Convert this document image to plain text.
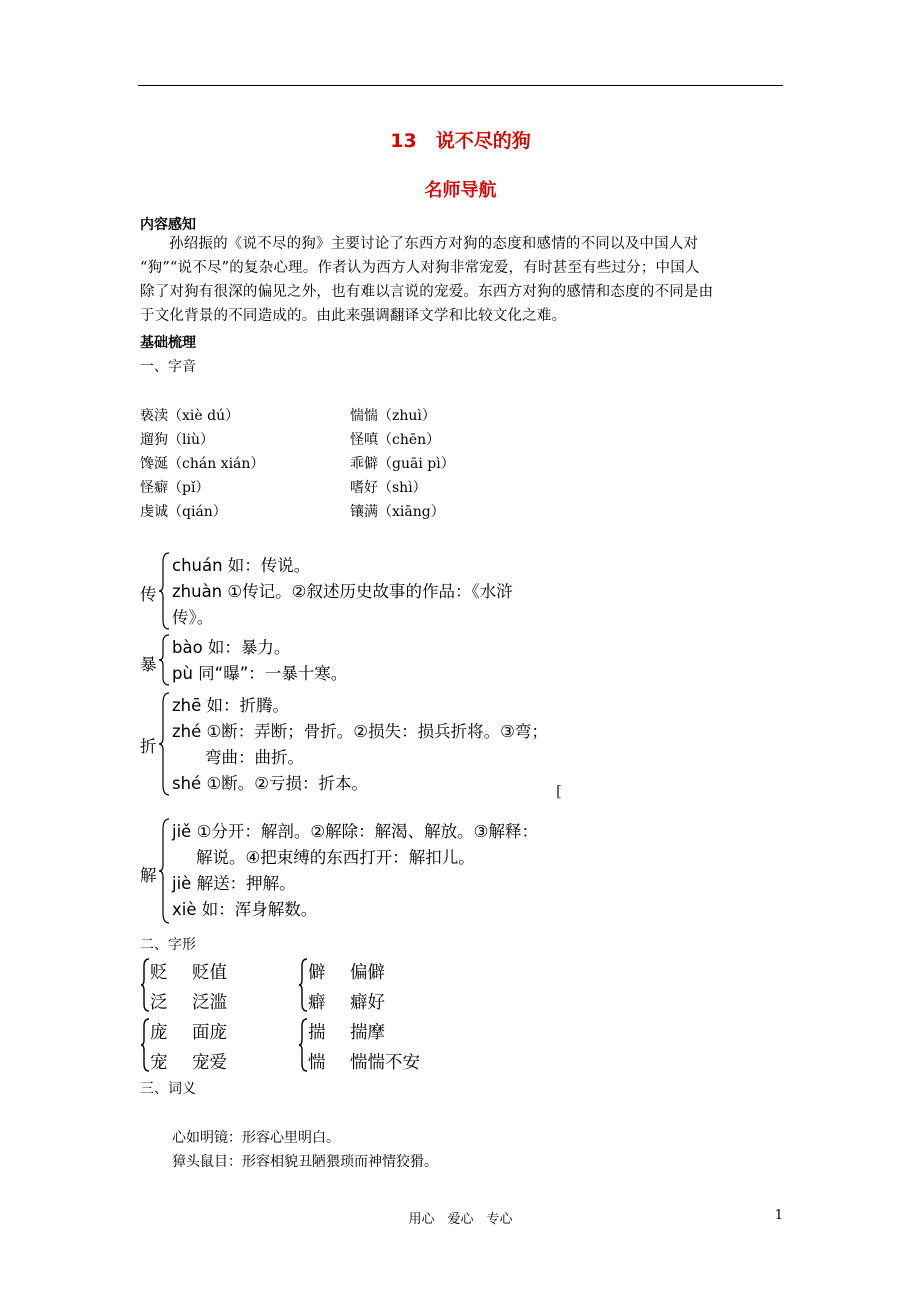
13　说不尽的狗
名师导航
内容感知

孙绍振的《说不尽的狗》主要讨论了东西方对狗的态度和感情的不同以及中国人对

“狗”“说不尽”的复杂心理。作者认为西方人对狗非常宠爱，有时甚至有些过分；中国人

除了对狗有很深的偏见之外，也有难以言说的宠爱。东西方对狗的感情和态度的不同是由

于文化背景的不同造成的。由此来强调翻译文学和比较文化之难。

基础梳理
一、字音
亵渎（xiè dú）
遛狗（liù）
馋涎（chán xián）
怪癖（pǐ）
虔诚（qián）
惴惴（zhuì）
怪嗔（chēn）
乖僻（guāi pì）
嗜好（shì）
镶满（xiāng）
传
chuán 如：传说。
zhuàn ①传记。②叙述历史故事的作品：《水浒
传》。
暴
bào 如：暴力。
pù 同“曝”：一暴十寒。
折
zhē 如：折腾。
zhé ①断：弄断；骨折。②损失：损兵折将。③弯；
弯曲：曲折。
shé ①断。②亏损：折本。	[
解
jiě ①分开：解剖。②解除：解渴、解放。③解释：
解说。④把束缚的东西打开：解扣儿。
jiè 解送：押解。
xiè 如：浑身解数。
二、字形
贬
泛
贬值
泛滥
僻
癖
偏僻
癖好
庞
宠
面庞
宠爱
揣
惴
揣摩
惴惴不安
三、词义
心如明镜：形容心里明白。
獐头鼠目：形容相貌丑陋猥琐而神情狡猾。
用心　爱心　专心	1
